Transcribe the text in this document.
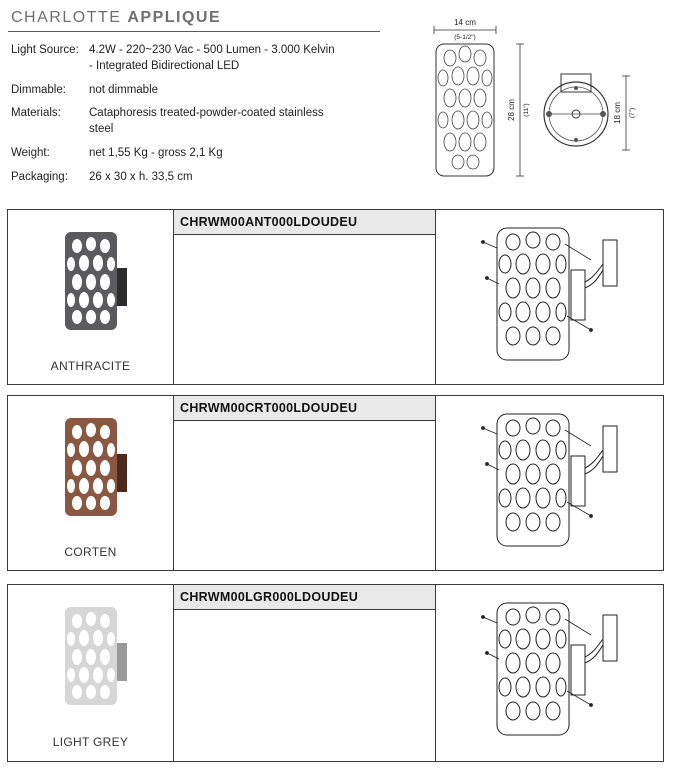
CHARLOTTE APPLIQUE
Light Source: 4.2W - 220~230 Vac - 500 Lumen - 3.000 Kelvin - Integrated Bidirectional LED
Dimmable: not dimmable
Materials: Cataphoresis treated-powder-coated stainless steel
Weight:	net 1,55 Kg - gross 2,1 Kg
Packaging: 26 x 30 x h. 33,5 cm
14 cm
(5-1/2")
28 cm (11")	18 cm (7")
ANTHRACITE
CHRWM00ANT000LDOUDEU
CORTEN
CHRWM00CRT000LDOUDEU
LIGHT GREY
CHRWM00LGR000LDOUDEU
